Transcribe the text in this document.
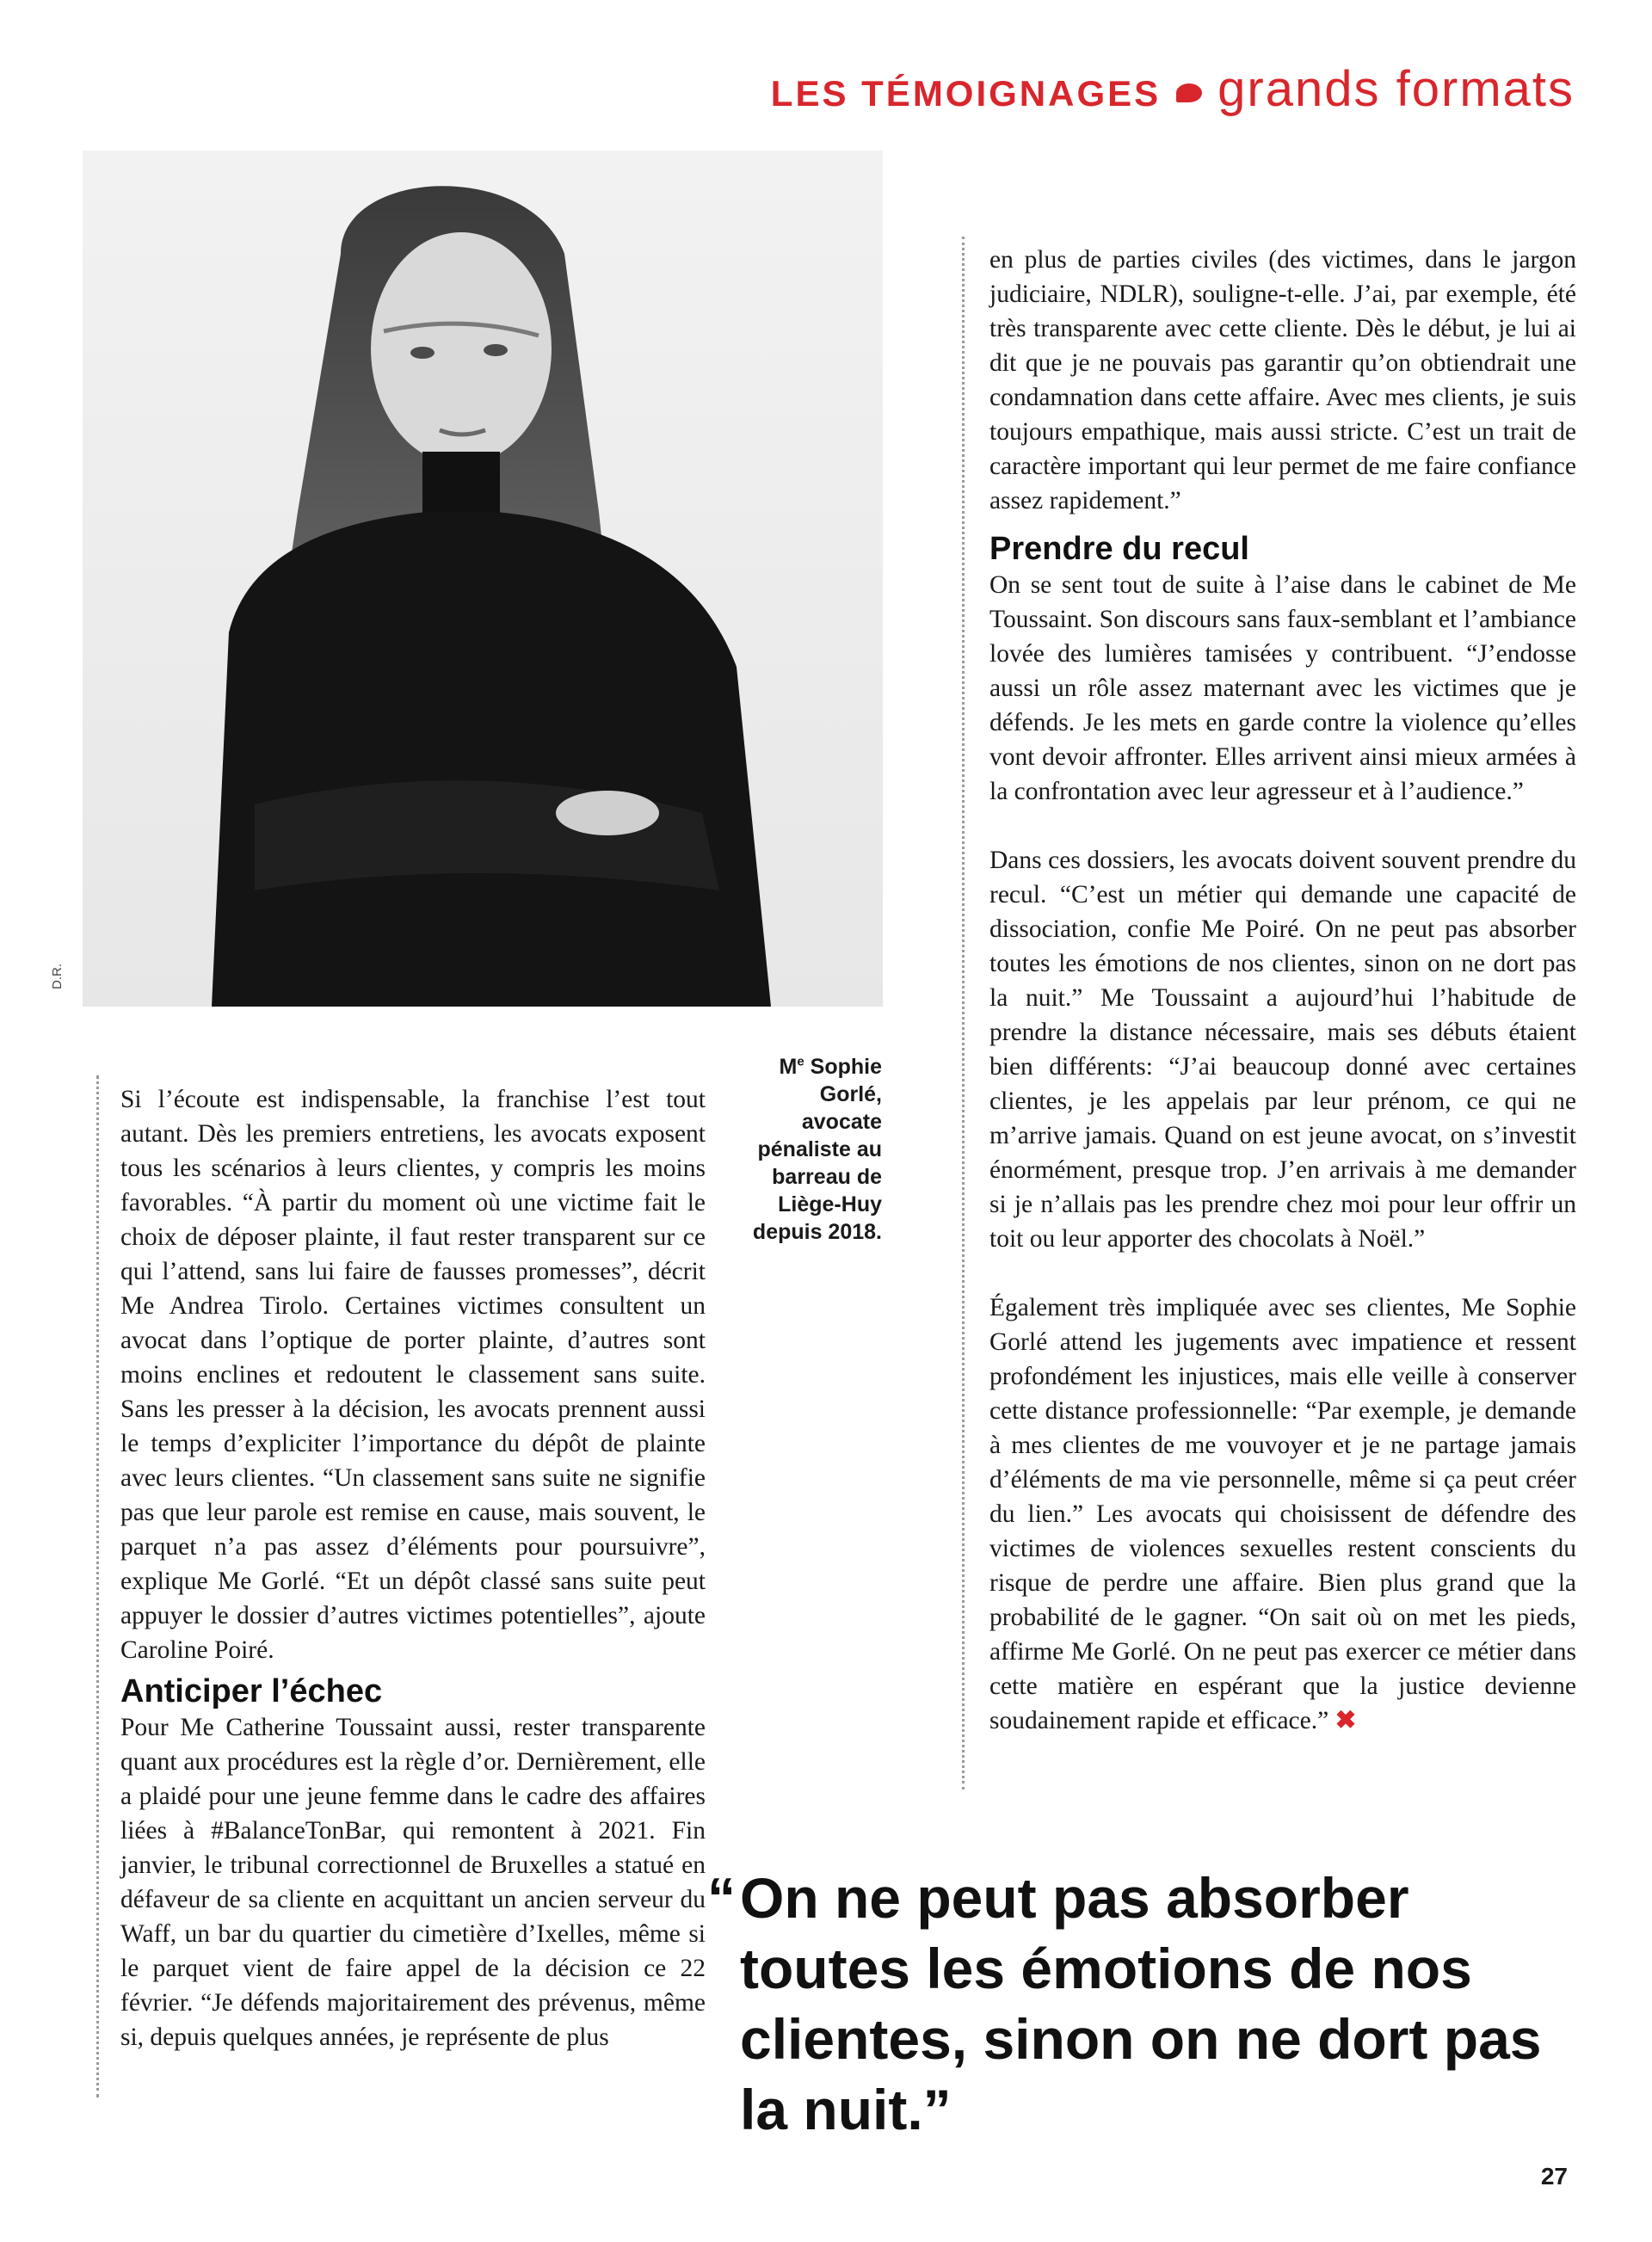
LES TÉMOIGNAGES grands formats
D.R.
Me Sophie Gorlé, avocate pénaliste au barreau de Liège-Huy depuis 2018.

Si l’écoute est indispensable, la franchise l’est tout autant. Dès les premiers entretiens, les avocats exposent tous les scénarios à leurs clientes, y compris les moins favorables. “À partir du moment où une victime fait le choix de déposer plainte, il faut rester transparent sur ce qui l’attend, sans lui faire de fausses promesses”, décrit Me Andrea Tirolo. Certaines victimes consultent un avocat dans l’optique de porter plainte, d’autres sont moins enclines et redoutent le classement sans suite. Sans les presser à la décision, les avocats prennent aussi le temps d’expliciter l’importance du dépôt de plainte avec leurs clientes. “Un classement sans suite ne signifie pas que leur parole est remise en cause, mais souvent, le parquet n’a pas assez d’éléments pour poursuivre”, explique Me Gorlé. “Et un dépôt classé sans suite peut appuyer le dossier d’autres victimes potentielles”, ajoute Caroline Poiré.

Anticiper l’échec

Pour Me Catherine Toussaint aussi, rester transparente quant aux procédures est la règle d’or. Dernièrement, elle a plaidé pour une jeune femme dans le cadre des affaires liées à #BalanceTonBar, qui remontent à 2021. Fin janvier, le tribunal correctionnel de Bruxelles a statué en défaveur de sa cliente en acquittant un ancien serveur du Waff, un bar du quartier du cimetière d’Ixelles, même si le parquet vient de faire appel de la décision ce 22 février. “Je défends majoritairement des prévenus, même si, depuis quelques années, je représente de plus

en plus de parties civiles (des victimes, dans le jargon judiciaire, NDLR), souligne-t-elle. J’ai, par exemple, été très transparente avec cette cliente. Dès le début, je lui ai dit que je ne pouvais pas garantir qu’on obtiendrait une condamnation dans cette affaire. Avec mes clients, je suis toujours empathique, mais aussi stricte. C’est un trait de caractère important qui leur permet de me faire confiance assez rapidement.”

Prendre du recul

On se sent tout de suite à l’aise dans le cabinet de Me Toussaint. Son discours sans faux-semblant et l’ambiance lovée des lumières tamisées y contribuent. “J’endosse aussi un rôle assez maternant avec les victimes que je défends. Je les mets en garde contre la violence qu’elles vont devoir affronter. Elles arrivent ainsi mieux armées à la confrontation avec leur agresseur et à l’audience.”

Dans ces dossiers, les avocats doivent souvent prendre du recul. “C’est un métier qui demande une capacité de dissociation, confie Me Poiré. On ne peut pas absorber toutes les émotions de nos clientes, sinon on ne dort pas la nuit.” Me Toussaint a aujourd’hui l’habitude de prendre la distance nécessaire, mais ses débuts étaient bien différents: “J’ai beaucoup donné avec certaines clientes, je les appelais par leur prénom, ce qui ne m’arrive jamais. Quand on est jeune avocat, on s’investit énormément, presque trop. J’en arrivais à me demander si je n’allais pas les prendre chez moi pour leur offrir un toit ou leur apporter des chocolats à Noël.”

Également très impliquée avec ses clientes, Me Sophie Gorlé attend les jugements avec impatience et ressent profondément les injustices, mais elle veille à conserver cette distance professionnelle: “Par exemple, je demande à mes clientes de me vouvoyer et je ne partage jamais d’éléments de ma vie personnelle, même si ça peut créer du lien.” Les avocats qui choisissent de défendre des victimes de violences sexuelles restent conscients du risque de perdre une affaire. Bien plus grand que la probabilité de le gagner. “On sait où on met les pieds, affirme Me Gorlé. On ne peut pas exercer ce métier dans cette matière en espérant que la justice devienne soudainement rapide et efficace.” ✖

“ On ne peut pas absorber toutes les émotions de nos clientes, sinon on ne dort pas la nuit.”
27
